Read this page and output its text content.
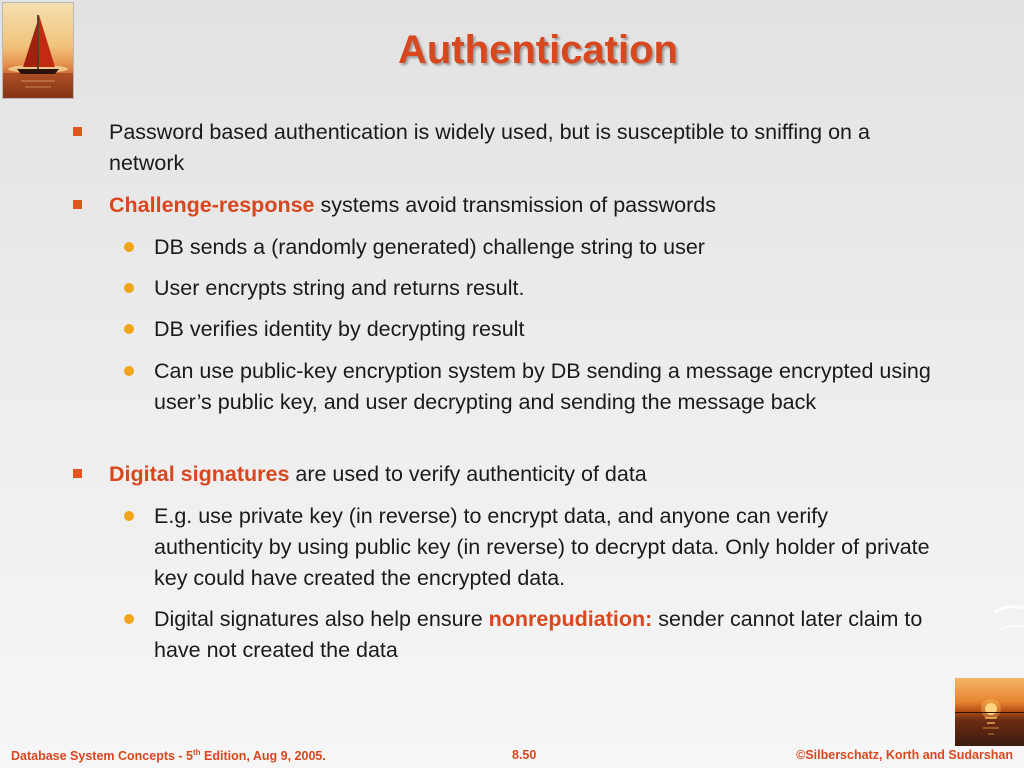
Authentication
Password based authentication is widely used, but is susceptible to sniffing on a network
Challenge-response systems avoid transmission of passwords
DB sends a (randomly generated) challenge string to user
User encrypts string and returns result.
DB verifies identity by decrypting result
Can use public-key encryption system by DB sending a message encrypted using user’s public key, and user decrypting and sending the message back
Digital signatures are used to verify authenticity of data
E.g. use private key (in reverse) to encrypt data, and anyone can verify authenticity by using public key (in reverse) to decrypt data. Only holder of private key could have created the encrypted data.
Digital signatures also help ensure nonrepudiation: sender cannot later claim to have not created the data
Database System Concepts - 5th Edition, Aug 9, 2005.	8.50	©Silberschatz, Korth and Sudarshan
